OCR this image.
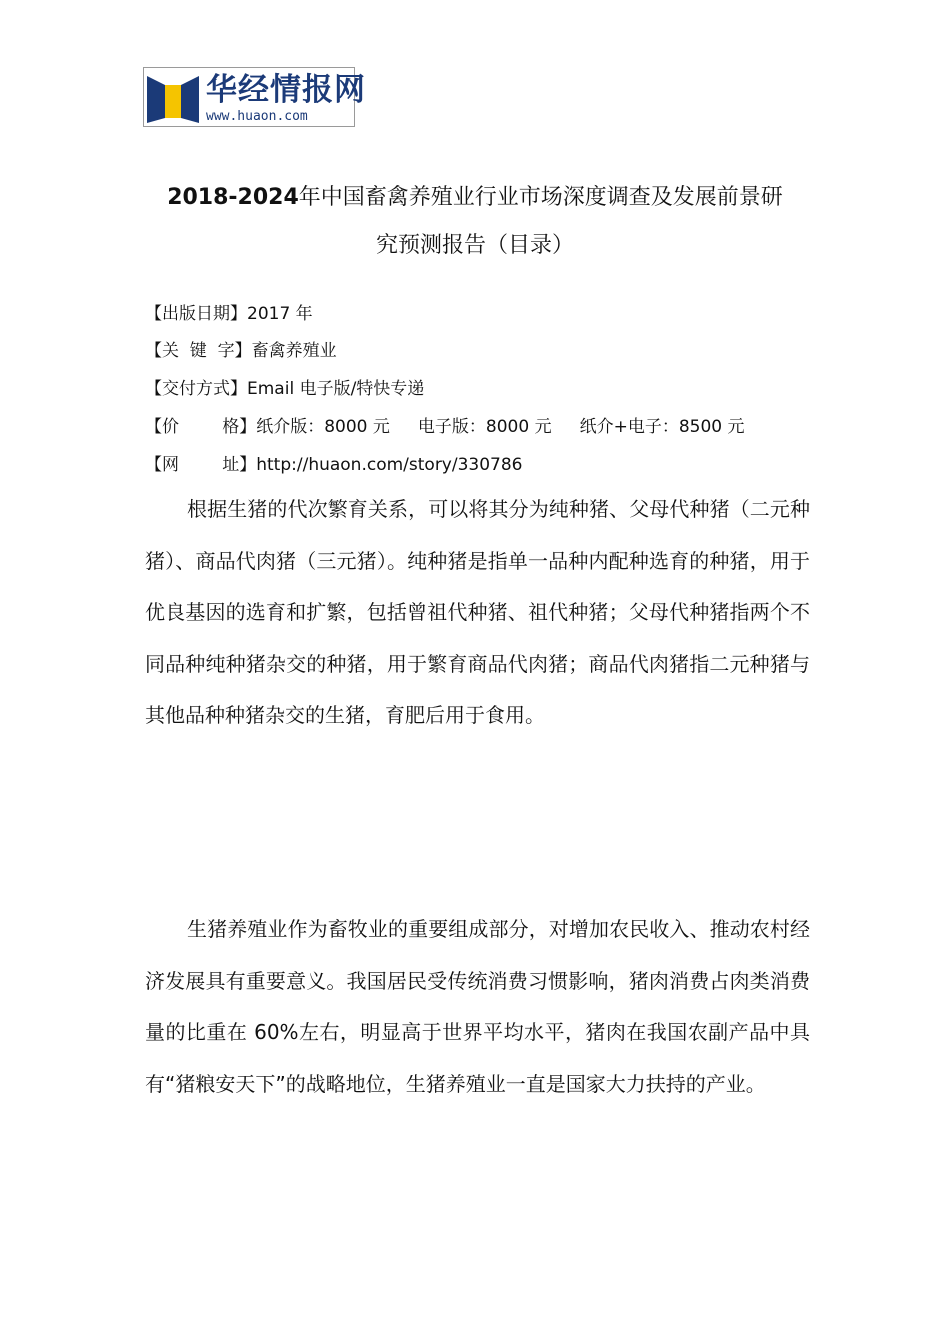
华经情报网
www.huaon.com
2018-2024年中国畜禽养殖业行业市场深度调查及发展前景研
究预测报告（目录）
【出版日期】2017 年
【关  键  字】畜禽养殖业
【交付方式】Email 电子版/特快专递
【价        格】纸介版：8000 元 电子版：8000 元 纸介+电子：8500 元
【网        址】http://huaon.com/story/330786

根据生猪的代次繁育关系，可以将其分为纯种猪、父母代种猪（二元种猪）、商品代肉猪（三元猪）。纯种猪是指单一品种内配种选育的种猪，用于优良基因的选育和扩繁，包括曾祖代种猪、祖代种猪；父母代种猪指两个不同品种纯种猪杂交的种猪，用于繁育商品代肉猪；商品代肉猪指二元种猪与其他品种种猪杂交的生猪，育肥后用于食用。

生猪养殖业作为畜牧业的重要组成部分，对增加农民收入、推动农村经济发展具有重要意义。我国居民受传统消费习惯影响，猪肉消费占肉类消费量的比重在 60%左右，明显高于世界平均水平，猪肉在我国农副产品中具有“猪粮安天下”的战略地位，生猪养殖业一直是国家大力扶持的产业。
